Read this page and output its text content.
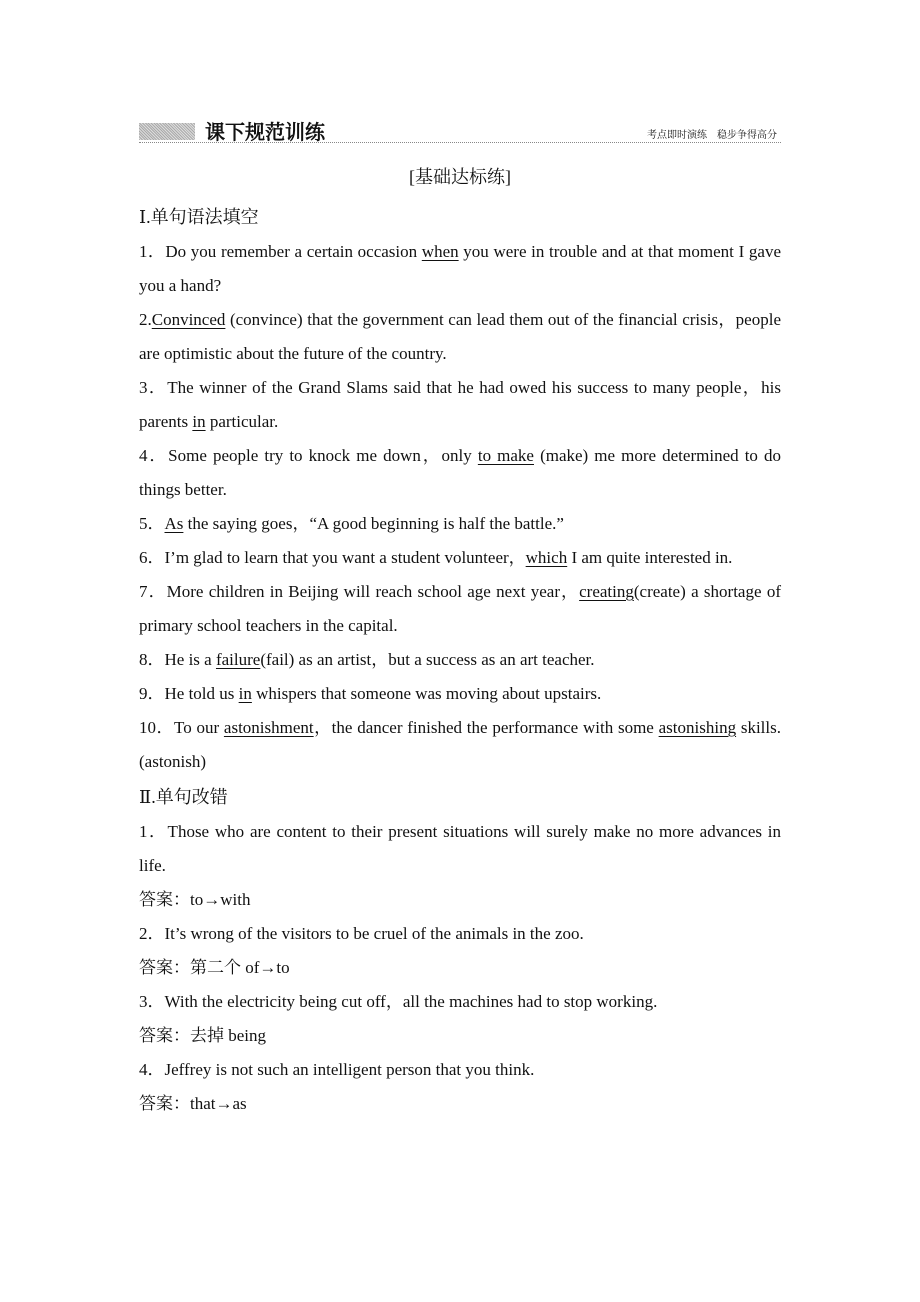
课下规范训练	考点即时演练　稳步争得高分
[基础达标练]
Ⅰ.单句语法填空

1．Do you remember a certain occasion when you were in trouble and at that moment I gave you a hand?

2.Convinced (convince) that the government can lead them out of the financial crisis，people are optimistic about the future of the country.

3．The winner of the Grand Slams said that he had owed his success to many people，his parents in particular.

4．Some people try to knock me down，only to make (make) me more determined to do things better.

5．As the saying goes，“A good beginning is half the battle.”

6．I’m glad to learn that you want a student volunteer，which I am quite interested in.

7．More children in Beijing will reach school age next year，creating(create) a shortage of primary school teachers in the capital.

8．He is a failure(fail) as an artist，but a success as an art teacher.

9．He told us in whispers that someone was moving about upstairs.

10．To our astonishment，the dancer finished the performance with some astonishing skills.(astonish)

Ⅱ.单句改错

1．Those who are content to their present situations will surely make no more advances in life.

答案：to→with

2．It’s wrong of the visitors to be cruel of the animals in the zoo.

答案：第二个 of→to

3．With the electricity being cut off，all the machines had to stop working.

答案：去掉 being

4．Jeffrey is not such an intelligent person that you think.

答案：that→as
